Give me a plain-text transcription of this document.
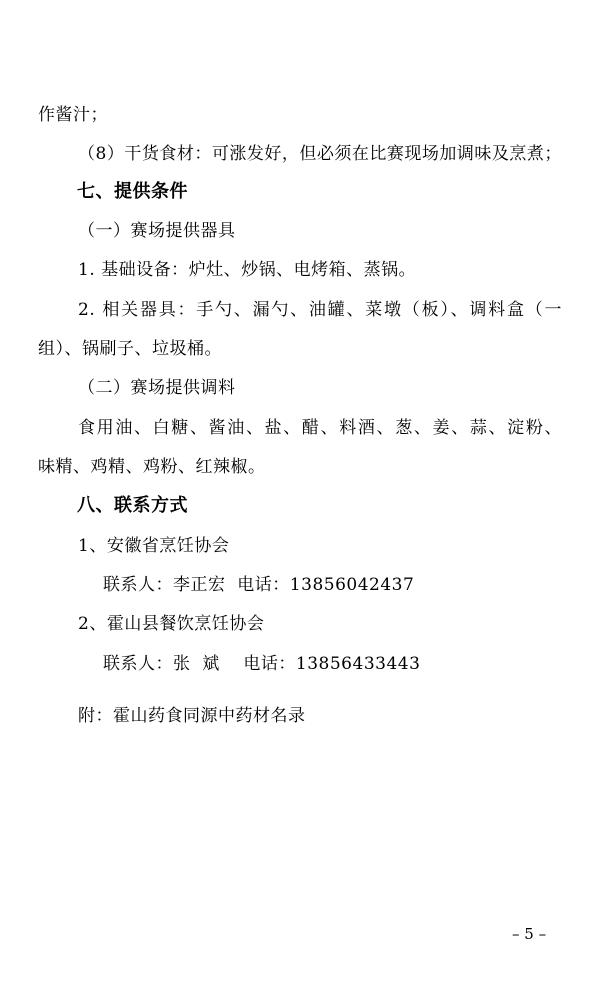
作酱汁；
（8）干货食材：可涨发好，但必须在比赛现场加调味及烹煮；
七、提供条件
（一）赛场提供器具
1. 基础设备：炉灶、炒锅、电烤箱、蒸锅。
2. 相关器具：手勺、漏勺、油罐、菜墩（板）、调料盒（一
组）、锅刷子、垃圾桶。
（二）赛场提供调料
食用油、白糖、酱油、盐、醋、料酒、葱、姜、蒜、淀粉、
味精、鸡精、鸡粉、红辣椒。
八、联系方式
1、安徽省烹饪协会
联系人：李正宏  电话：13856042437
2、霍山县餐饮烹饪协会
联系人：张  斌    电话：13856433443
附：霍山药食同源中药材名录
– 5 –
